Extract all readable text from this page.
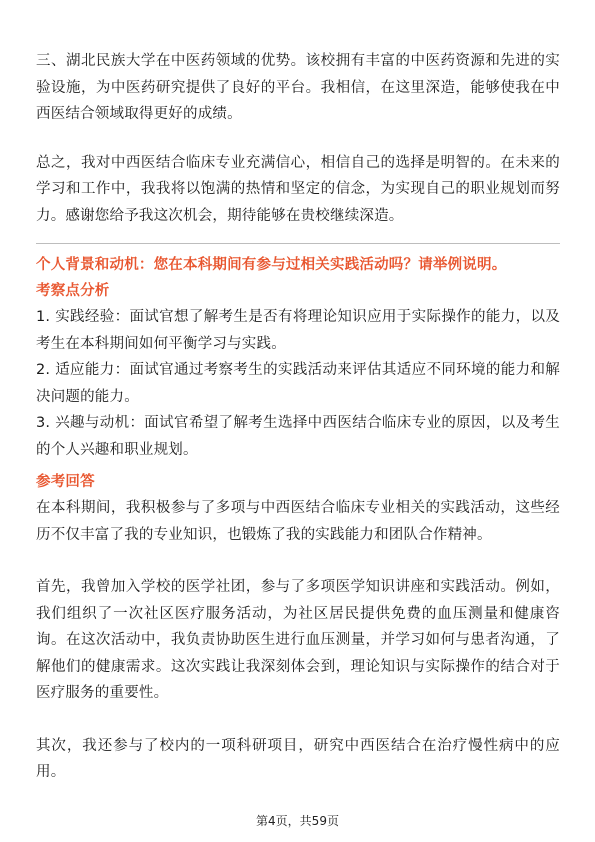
三、湖北民族大学在中医药领域的优势。该校拥有丰富的中医药资源和先进的实验设施，为中医药研究提供了良好的平台。我相信，在这里深造，能够使我在中西医结合领域取得更好的成绩。

总之，我对中西医结合临床专业充满信心，相信自己的选择是明智的。在未来的学习和工作中，我我将以饱满的热情和坚定的信念，为实现自己的职业规划而努力。感谢您给予我这次机会，期待能够在贵校继续深造。

个人背景和动机：您在本科期间有参与过相关实践活动吗？请举例说明。

考察点分析

1. 实践经验：面试官想了解考生是否有将理论知识应用于实际操作的能力，以及考生在本科期间如何平衡学习与实践。

2. 适应能力：面试官通过考察考生的实践活动来评估其适应不同环境的能力和解决问题的能力。

3. 兴趣与动机：面试官希望了解考生选择中西医结合临床专业的原因，以及考生的个人兴趣和职业规划。

参考回答

在本科期间，我积极参与了多项与中西医结合临床专业相关的实践活动，这些经历不仅丰富了我的专业知识，也锻炼了我的实践能力和团队合作精神。

首先，我曾加入学校的医学社团，参与了多项医学知识讲座和实践活动。例如，我们组织了一次社区医疗服务活动，为社区居民提供免费的血压测量和健康咨询。在这次活动中，我负责协助医生进行血压测量，并学习如何与患者沟通，了解他们的健康需求。这次实践让我深刻体会到，理论知识与实际操作的结合对于医疗服务的重要性。

其次，我还参与了校内的一项科研项目，研究中西医结合在治疗慢性病中的应用。

第4页，共59页
